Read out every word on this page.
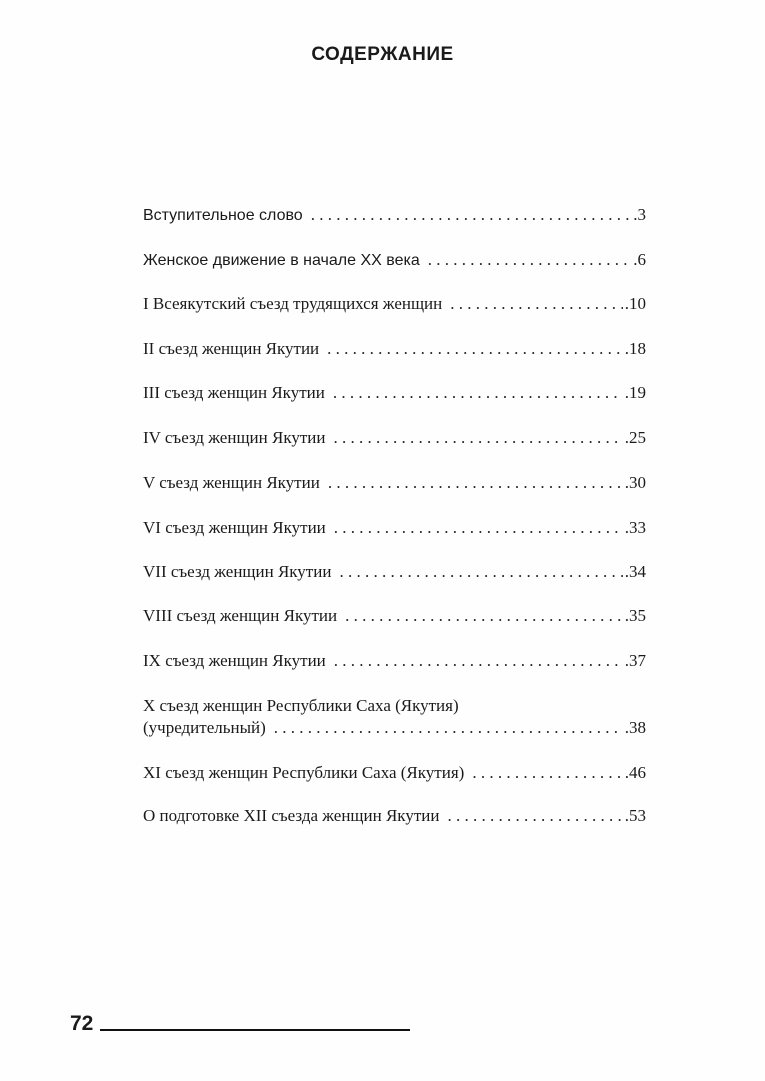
СОДЕРЖАНИЕ
Вступительное слово . . .	.3
Женское движение в начале XX века . . .	.6
I Всеякутский съезд трудящихся женщин . . .	.10
II съезд женщин Якутии . . .	.18
III съезд женщин Якутии . . .	.19
IV съезд женщин Якутии . . .	.25
V съезд женщин Якутии . . .	.30
VI съезд женщин Якутии . . .	.33
VII съезд женщин Якутии . . .	.34
VIII съезд женщин Якутии . . .	.35
IX съезд женщин Якутии . . .	.37
X съезд женщин Республики Саха (Якутия)
(учредительный) . . .	.38
XI съезд женщин Республики Саха (Якутия) . . .	.46
О подготовке XII съезда женщин Якутии . . .	.53
72
